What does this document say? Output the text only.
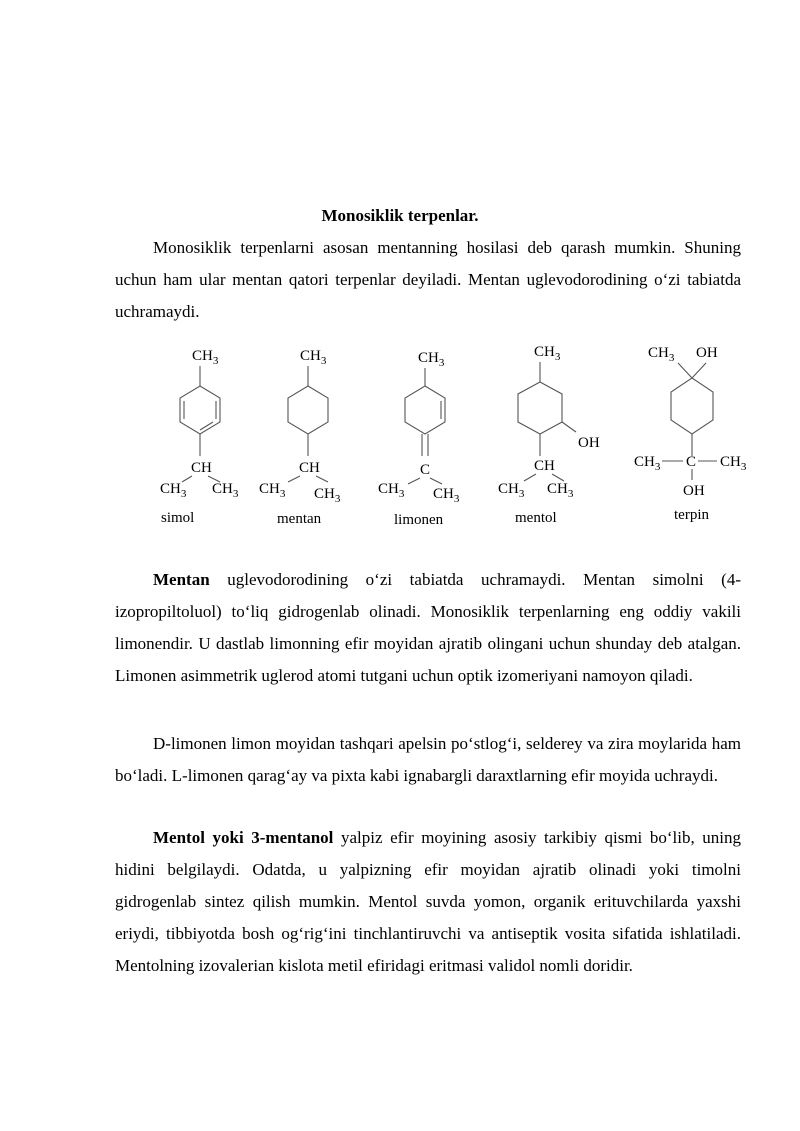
Monosiklik terpenlar.

Monosiklik terpenlarni asosan mentanning hosilasi deb qarash mumkin. Shuning uchun ham ular mentan qatori terpenlar deyiladi. Mentan uglevodorodining o‘zi tabiatda uchramaydi.

$CH_3$
CH
$CH_3$ $CH_3$
simol
$CH_3$
CH
$CH_3$ $CH_3$
mentan
$CH_3$
C
$CH_3$ $CH_3$
limonen
$CH_3$
OH
CH
$CH_3$ $CH_3$
mentol
$CH_3$ OH
$CH_3$ C $CH_3$
OH
terpin

Mentan uglevodorodining o‘zi tabiatda uchramaydi. Mentan simolni (4-izopropiltoluol) to‘liq gidrogenlab olinadi. Monosiklik terpenlarning eng oddiy vakili limonendir. U dastlab limonning efir moyidan ajratib olingani uchun shunday deb atalgan. Limonen asimmetrik uglerod atomi tutgani uchun optik izomeriyani namoyon qiladi.

D-limonen limon moyidan tashqari apelsin po‘stlog‘i, selderey va zira moylarida ham bo‘ladi. L-limonen qarag‘ay va pixta kabi ignabargli daraxtlarning efir moyida uchraydi.

Mentol yoki 3-mentanol yalpiz efir moyining asosiy tarkibiy qismi bo‘lib, uning hidini belgilaydi. Odatda, u yalpizning efir moyidan ajratib olinadi yoki timolni gidrogenlab sintez qilish mumkin. Mentol suvda yomon, organik erituvchilarda yaxshi eriydi, tibbiyotda bosh og‘rig‘ini tinchlantiruvchi va antiseptik vosita sifatida ishlatiladi. Mentolning izovalerian kislota metil efiridagi eritmasi validol nomli doridir.
